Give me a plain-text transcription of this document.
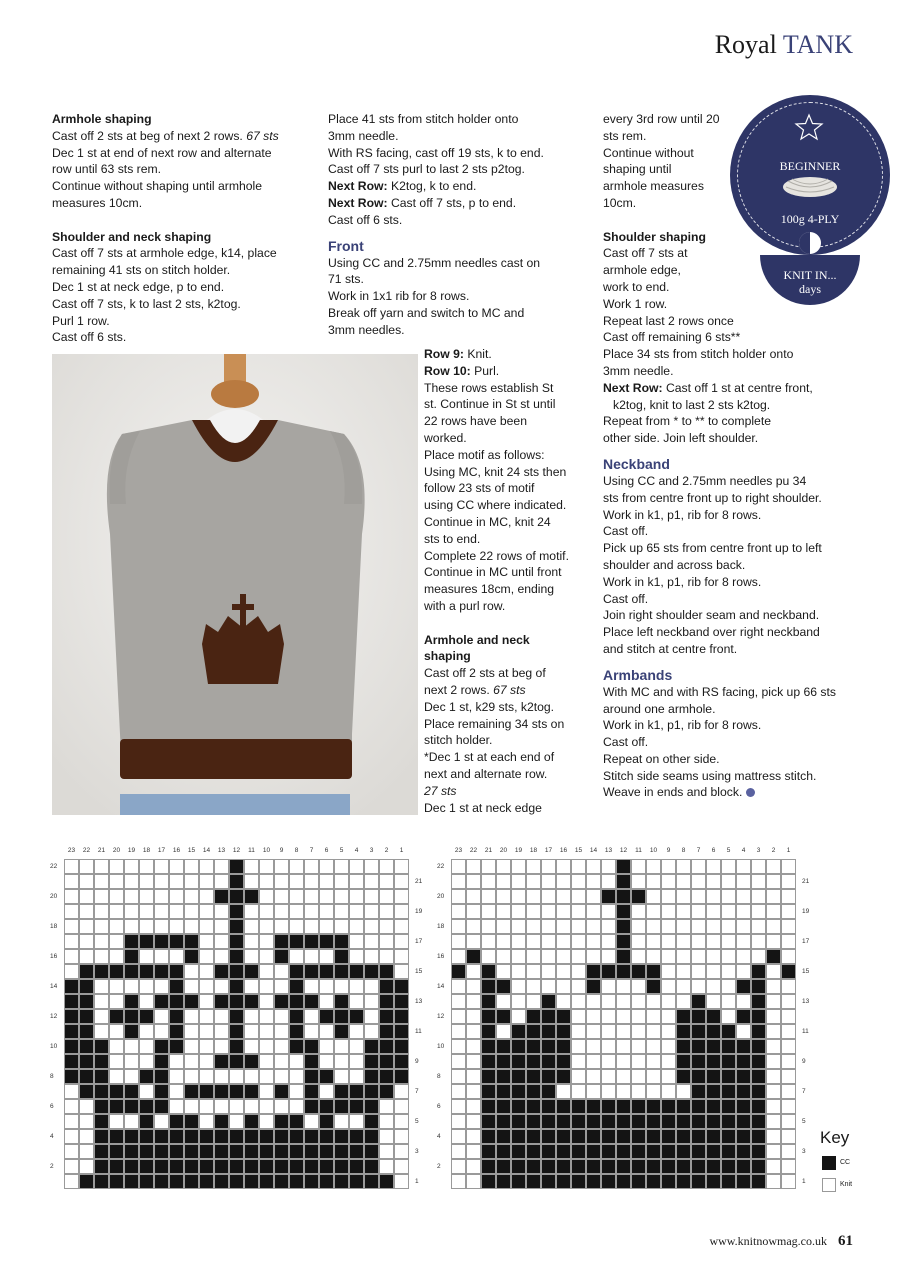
Royal TANK

Armhole shaping

Cast off 2 sts at beg of next 2 rows. 67 sts

Dec 1 st at end of next row and alternate

row until 63 sts rem.

Continue without shaping until armhole

measures 10cm.

Shoulder and neck shaping

Cast off 7 sts at armhole edge, k14, place

remaining 41 sts on stitch holder.

Dec 1 st at neck edge, p to end.

Cast off 7 sts, k to last 2 sts, k2tog.

Purl 1 row.

Cast off 6 sts.

Place 41 sts from stitch holder onto

3mm needle.

With RS facing, cast off 19 sts, k to end.

Cast off 7 sts purl to last 2 sts p2tog.

Next Row: K2tog, k to end.

Next Row: Cast off 7 sts, p to end.

Cast off 6 sts.

Front

Using CC and 2.75mm needles cast on

71 sts.

Work in 1x1 rib for 8 rows.

Break off yarn and switch to MC and

3mm needles.

Row 9: Knit.

Row 10: Purl.

These rows establish St

st. Continue in St st until

22 rows have been

worked.

Place motif as follows:

Using MC, knit 24 sts then

follow 23 sts of motif

using CC where indicated.

Continue in MC, knit 24

sts to end.

Complete 22 rows of motif.

Continue in MC until front

measures 18cm, ending

with a purl row.

Armhole and neck

shaping

Cast off 2 sts at beg of

next 2 rows. 67 sts

Dec 1 st, k29 sts, k2tog.

Place remaining 34 sts on

stitch holder.

*Dec 1 st at each end of

next and alternate row.

27 sts

Dec 1 st at neck edge

every 3rd row until 20

sts rem.

Continue without

shaping until

armhole measures

10cm.

Shoulder shaping

Cast off 7 sts at

armhole edge,

work to end.

Work 1 row.

Repeat last 2 rows once

Cast off remaining 6 sts**

Place 34 sts from stitch holder onto

3mm needle.

Next Row: Cast off 1 st at centre front,

k2tog, knit to last 2 sts k2tog.

Repeat from * to ** to complete

other side. Join left shoulder.

Neckband

Using CC and 2.75mm needles pu 34

sts from centre front up to right shoulder.

Work in k1, p1, rib for 8 rows.

Cast off.

Pick up 65 sts from centre front up to left

shoulder and across back.

Work in k1, p1, rib for 8 rows.

Cast off.

Join right shoulder seam and neckband.

Place left neckband over right neckband

and stitch at centre front.

Armbands

With MC and with RS facing, pick up 66 sts

around one armhole.

Work in k1, p1, rib for 8 rows.

Cast off.

Repeat on other side.

Stitch side seams using mattress stitch.

Weave in ends and block.

BEGINNER
100g 4-PLY
KNIT IN...
days
23	22	21	20	19	18	17	16	15	14	13	12	11	10	9	8	7	6	5	4	3	2	1
22
21
20
19
18
17
16
15
14
13
12
11
10
9
8
7
6
5
4
3
2
1
23	22	21	20	19	18	17	16	15	14	13	12	11	10	9	8	7	6	5	4	3	2	1
22
21
20
19
18
17
16
15
14
13
12
11
10
9
8
7
6
5
4
3
2
1
Key
CC
Knit
www.knitnowmag.co.uk 61
